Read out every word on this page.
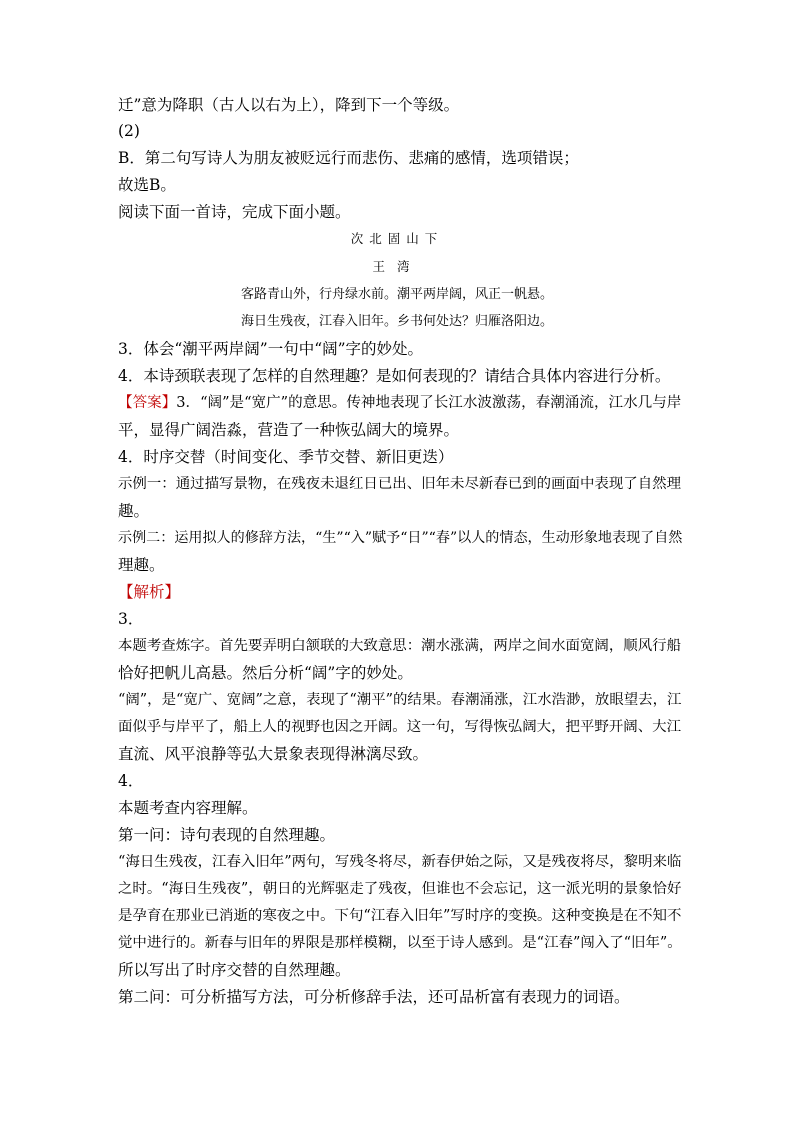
迁”意为降职（古人以右为上），降到下一个等级。
(2)
B．第二句写诗人为朋友被贬远行而悲伤、悲痛的感情，选项错误；
故选B。
阅读下面一首诗，完成下面小题。
次北固山下
王湾
客路青山外，行舟绿水前。潮平两岸阔，风正一帆悬。
海日生残夜，江春入旧年。乡书何处达？归雁洛阳边。
3．体会“潮平两岸阔”一句中“阔”字的妙处。
4．本诗颈联表现了怎样的自然理趣？是如何表现的？请结合具体内容进行分析。
【答案】3．“阔”是“宽广”的意思。传神地表现了长江水波激荡，春潮涌流，江水几与岸
平，显得广阔浩淼，营造了一种恢弘阔大的境界。
4．时序交替（时间变化、季节交替、新旧更迭）
示例一：通过描写景物，在残夜未退红日已出、旧年未尽新春已到的画面中表现了自然理
趣。
示例二：运用拟人的修辞方法，“生”“入”赋予“日”“春”以人的情态，生动形象地表现了自然
理趣。
【解析】
3．
本题考查炼字。首先要弄明白颔联的大致意思：潮水涨满，两岸之间水面宽阔，顺风行船
恰好把帆儿高悬。然后分析“阔”字的妙处。
“阔”，是“宽广、宽阔”之意，表现了“潮平”的结果。春潮涌涨，江水浩渺，放眼望去，江
面似乎与岸平了，船上人的视野也因之开阔。这一句，写得恢弘阔大，把平野开阔、大江
直流、风平浪静等弘大景象表现得淋漓尽致。
4．
本题考查内容理解。
第一问：诗句表现的自然理趣。
“海日生残夜，江春入旧年”两句，写残冬将尽，新春伊始之际，又是残夜将尽，黎明来临
之时。“海日生残夜”，朝日的光辉驱走了残夜，但谁也不会忘记，这一派光明的景象恰好
是孕育在那业已消逝的寒夜之中。下句“江春入旧年”写时序的变换。这种变换是在不知不
觉中进行的。新春与旧年的界限是那样模糊，以至于诗人感到。是“江春”闯入了“旧年”。
所以写出了时序交替的自然理趣。
第二问：可分析描写方法，可分析修辞手法，还可品析富有表现力的词语。
